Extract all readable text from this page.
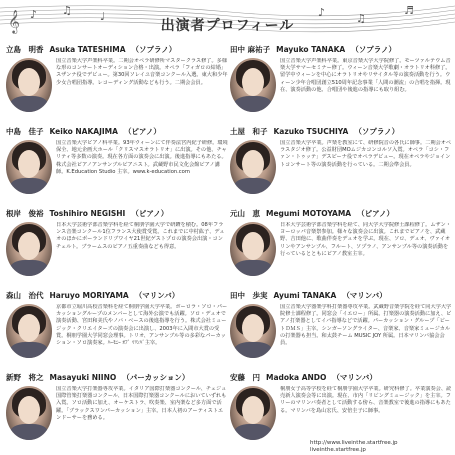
♪ ♫	♩	♪	♫
♬
𝄞	出演者プロフィール
立島　明香 Asuka TATESHIMA （ソプラノ）
国立音楽大学声楽科卒業。二期会オペラ研修所マスタークラス修了。多様な形のコンサートオーディション合格・出演。オペラ「フィガロの結婚」スザンナ役でデビュー。第30回ソレイユ音楽コンクール入選。東大和少年少女合唱団指導。レコーディング活動なども行う。二期会会員。
田中 麻祐子 Mayuko TANAKA （ソプラノ）
国立音楽大学声楽科卒業。東京音楽大学大学院修了。モーツァルテウム音楽大学サマーセミナー修了。ウィーン音楽大学歌劇・オラトリオ科修了。留学中ウィーンを中心にオラトリオやリサイタル等の演奏活動を行う。ウィーン少年合唱団創立510周年記念事業「人間の潮流」の合唱を指揮。現在、演奏活動の他、合唱団や後進の指導にも取り組む。
中島　佳子 Keiko NAKAJIMA （ピアノ）
国立音楽大学ピアノ科卒業。93年ウィーンにて伴奏法宮内紀子研修。環境保全、地元企画大ホール「クリスマスオラトリオ」に出演。その他、チャリティ等多数の演奏。現在各方面の演奏会に出演。後進指導にもあたる。株式会社ピアノアンサンブルピアニスト。武蔵野市民文化会館ピアノ講師。K.Education Studio 主宰。www.k-education.com
土屋　和子 Kazuko TSUCHIYA （ソプラノ）
国立音楽大学卒業。声楽を教室にて、研修院音の各氏に師事。二期会オペラスタジオ修了。公益財団MOムジカコンコルソ入賞。オペラ「コシ・ファン・トゥッテ」デスピーナ役でオペラデビュー。現在オペラやジョイントコンサート等の演奏活動を行っている。二期会準会員。
根岸　俊裕 Toshihiro NEGISHI （ピアノ）
日本大学芸術学部音楽学科を経て桐朋学園大学で研鑽を積む。08年フランス音楽コンクール1位フランス大使賞受賞。これまでに中村紘子、デュオのほかにボーランドリブワイヤ21世紀ゲストプロの演奏会出演・コンチェルト。ブラームスのピアノ五重奏曲なども得意。
元山　恵 Megumi MOTOYAMA （ピアノ）
日本大学芸術学部音楽学科を経て、同大学大学院修士課程修了。ムザン・ヨーロッパ音楽祭参加。様々な演奏会に出演。これまでピアノを、武蔵野、吉田他に、歌曲伴奏をデュオを学ぶ。現在、ソロ、デュオ、ヴァイオリンやアンサンブル、フルート、ソプラノ、アンサンブル等の演奏活動を行っているとともにピアノ教室主宰。
森山　治代 Haruyo MORIYAMA （マリンバ）
京都市立堀川高校音楽科を経て桐朋学園大学卒業。ボーロラ・ソロ・パーカッショングループのメンバーとして海外公演でも活躍。ソロ・デュオで演奏活動、宮田和美氏やノバ・ベースの後進指導を行う。株式会社ミュージック・クリエイターズの演奏会に出演し、2003年に入間市大賞の受賞。桐朋学園大学同窓会理事。トリオ、アンサンブル等の多彩なパーカッション・ソロ演奏家。ﾊｰﾓﾆｰ ｵﾌﾞ ﾏﾘﾝﾊﾞ主宰。
田中　歩実 Ayumi TANAKA （マリンバ）
国立音楽大学器楽学科打楽器専攻卒業。武蔵野音楽学院を経て同大学大学院修士課程修了。同窓会「イエロー」所属。打楽器の演奏活動に加え、ピアノ打楽器としてイバ指導などで活躍。パーカッション・グループ「ビートＤＭＳ」主宰。シンガーソングライター、音楽家、音楽家ミュージカルの打楽器も担当。和太鼓チーム MUSIC JOY 所属。日本マリンバ協会会員。
新野　将之 Masayuki NIINO （パーカッション）
国立音楽大学打楽器専攻卒業。イタリア国際打楽器コンクール、チェジュ国際管楽打楽器コンクール、日本国際打楽器コンクールにおいていずれも入賞。ソロ活動に加え、オーケストラ、吹奏楽、室内楽など多方面で活躍。「ブラックスワンパーカッション」主宰。日本人初のアーティストエンドーサーを務める。
安藤　円 Madoka ANDO （マリンバ）
桐朋女子高等学校を経て桐朋学園大学卒業。研究科修了。卒業演奏会、読売新人演奏会等に出演。現在、市内「リビングミュージック」を主宰。フリーのマリンバ奏者として活動する傍ら、音楽教室で後進の指導にもあたる。マリンバを島山宏氏、安倍圭子に師事。
http://www.liveinthe.startfree.jp
liveinthe.startfree.jp
